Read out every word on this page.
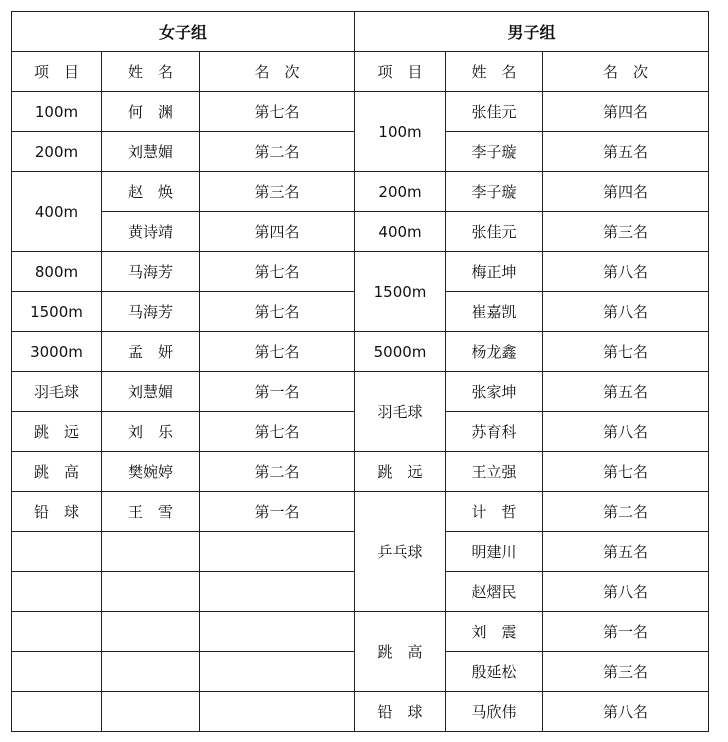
女子组			男子组		
项　目	姓　名	名　次	项　目	姓　名	名　次
100m	何　渊	第七名	100m	张佳元	第四名
200m	刘慧媚	第二名		李子璇	第五名
400m	赵　焕	第三名	200m	李子璇	第四名
	黄诗靖	第四名	400m	张佳元	第三名
800m	马海芳	第七名	1500m	梅正坤	第八名
1500m	马海芳	第七名		崔嘉凯	第八名
3000m	孟　妍	第七名	5000m	杨龙鑫	第七名
羽毛球	刘慧媚	第一名	羽毛球	张家坤	第五名
跳　远	刘　乐	第七名		苏育科	第八名
跳　高	樊婉婷	第二名	跳　远	王立强	第七名
铅　球	王　雪	第一名	乒乓球	计　哲	第二名
				明建川	第五名
				赵熠民	第八名
			跳　高	刘　震	第一名
				殷延松	第三名
			铅　球	马欣伟	第八名
